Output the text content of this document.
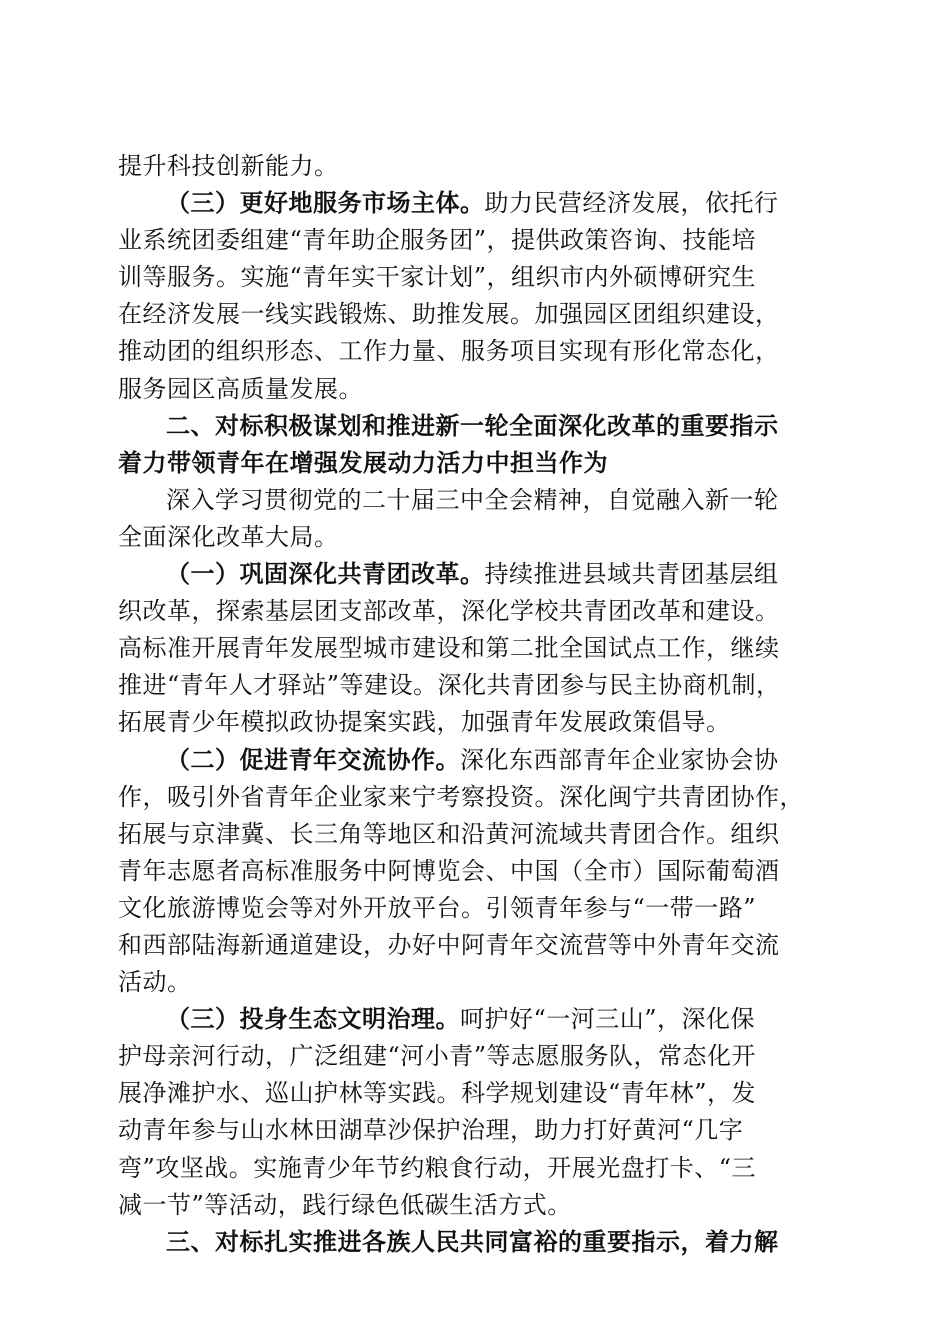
提升科技创新能力。

（三）更好地服务市场主体。助力民营经济发展，依托行
业系统团委组建“青年助企服务团”，提供政策咨询、技能培
训等服务。实施“青年实干家计划”，组织市内外硕博研究生
在经济发展一线实践锻炼、助推发展。加强园区团组织建设，
推动团的组织形态、工作力量、服务项目实现有形化常态化，
服务园区高质量发展。

二、对标积极谋划和推进新一轮全面深化改革的重要指示
着力带领青年在增强发展动力活力中担当作为

深入学习贯彻党的二十届三中全会精神，自觉融入新一轮
全面深化改革大局。

（一）巩固深化共青团改革。持续推进县域共青团基层组
织改革，探索基层团支部改革，深化学校共青团改革和建设。
高标准开展青年发展型城市建设和第二批全国试点工作，继续
推进“青年人才驿站”等建设。深化共青团参与民主协商机制，
拓展青少年模拟政协提案实践，加强青年发展政策倡导。

（二）促进青年交流协作。深化东西部青年企业家协会协
作，吸引外省青年企业家来宁考察投资。深化闽宁共青团协作，
拓展与京津冀、长三角等地区和沿黄河流域共青团合作。组织
青年志愿者高标准服务中阿博览会、中国（全市）国际葡萄酒
文化旅游博览会等对外开放平台。引领青年参与“一带一路”
和西部陆海新通道建设，办好中阿青年交流营等中外青年交流
活动。

（三）投身生态文明治理。呵护好“一河三山”，深化保
护母亲河行动，广泛组建“河小青”等志愿服务队，常态化开
展净滩护水、巡山护林等实践。科学规划建设“青年林”，发
动青年参与山水林田湖草沙保护治理，助力打好黄河“几字
弯”攻坚战。实施青少年节约粮食行动，开展光盘打卡、“三
减一节”等活动，践行绿色低碳生活方式。

三、对标扎实推进各族人民共同富裕的重要指示，着力解
